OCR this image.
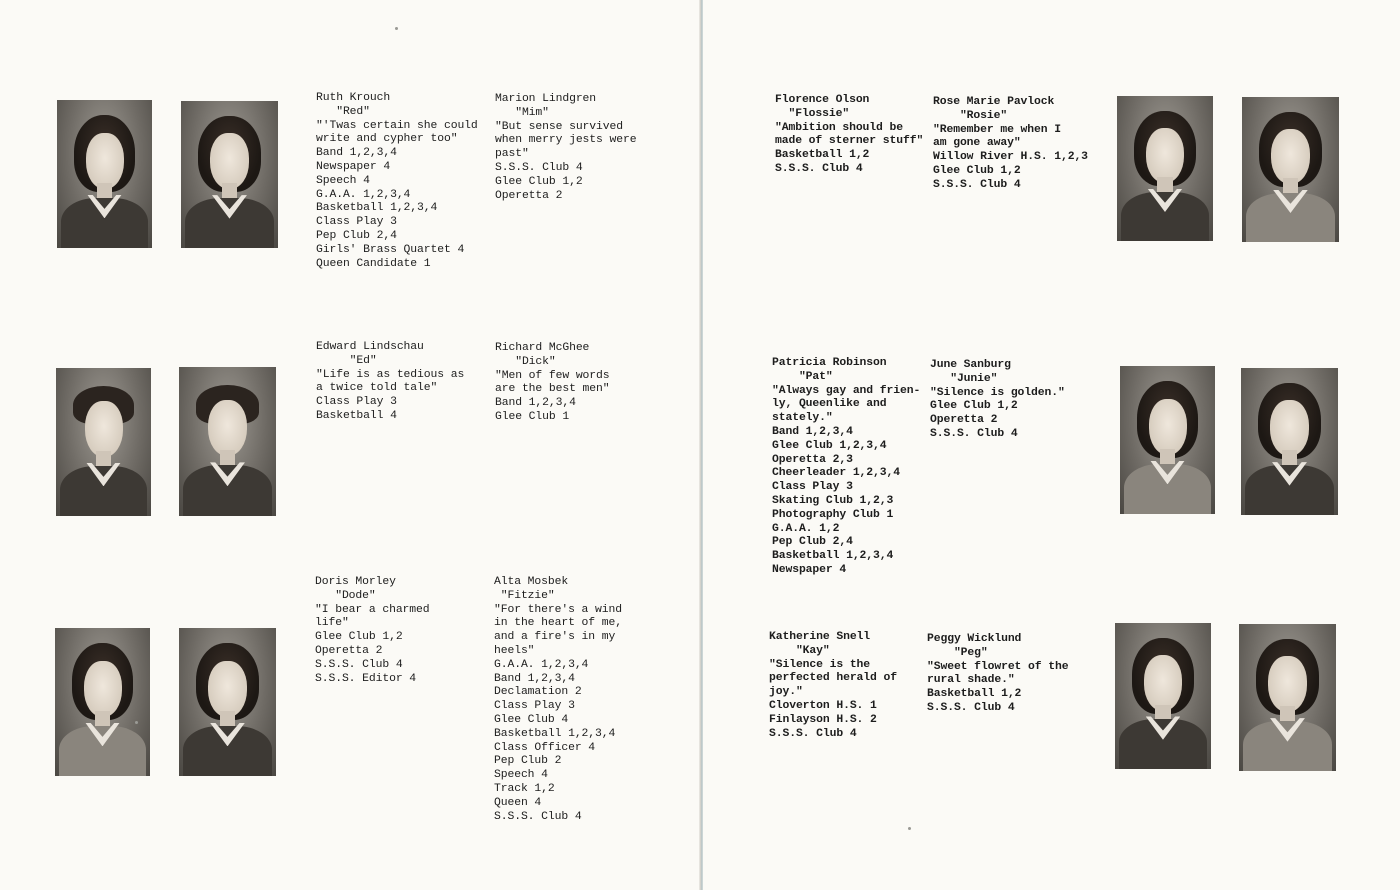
Ruth Krouch
"Red"
"'Twas certain she could
write and cypher too"
Band 1,2,3,4
Newspaper 4
Speech 4
G.A.A. 1,2,3,4
Basketball 1,2,3,4
Class Play 3
Pep Club 2,4
Girls' Brass Quartet 4
Queen Candidate 1
Marion Lindgren
"Mim"
"But sense survived
when merry jests were
past"
S.S.S. Club 4
Glee Club 1,2
Operetta 2
Edward Lindschau
"Ed"
"Life is as tedious as
a twice told tale"
Class Play 3
Basketball 4
Richard McGhee
"Dick"
"Men of few words
are the best men"
Band 1,2,3,4
Glee Club 1
Doris Morley
"Dode"
"I bear a charmed
life"
Glee Club 1,2
Operetta 2
S.S.S. Club 4
S.S.S. Editor 4
Alta Mosbek
"Fitzie"
"For there's a wind
in the heart of me,
and a fire's in my
heels"
G.A.A. 1,2,3,4
Band 1,2,3,4
Declamation 2
Class Play 3
Glee Club 4
Basketball 1,2,3,4
Class Officer 4
Pep Club 2
Speech 4
Track 1,2
Queen 4
S.S.S. Club 4
Florence Olson
"Flossie"
"Ambition should be
made of sterner stuff"
Basketball 1,2
S.S.S. Club 4
Rose Marie Pavlock
"Rosie"
"Remember me when I
am gone away"
Willow River H.S. 1,2,3
Glee Club 1,2
S.S.S. Club 4
Patricia Robinson
"Pat"
"Always gay and frien-
ly, Queenlike and
stately."
Band 1,2,3,4
Glee Club 1,2,3,4
Operetta 2,3
Cheerleader 1,2,3,4
Class Play 3
Skating Club 1,2,3
Photography Club 1
G.A.A. 1,2
Pep Club 2,4
Basketball 1,2,3,4
Newspaper 4
June Sanburg
"Junie"
"Silence is golden."
Glee Club 1,2
Operetta 2
S.S.S. Club 4
Katherine Snell
"Kay"
"Silence is the
perfected herald of
joy."
Cloverton H.S. 1
Finlayson H.S. 2
S.S.S. Club 4
Peggy Wicklund
"Peg"
"Sweet flowret of the
rural shade."
Basketball 1,2
S.S.S. Club 4
